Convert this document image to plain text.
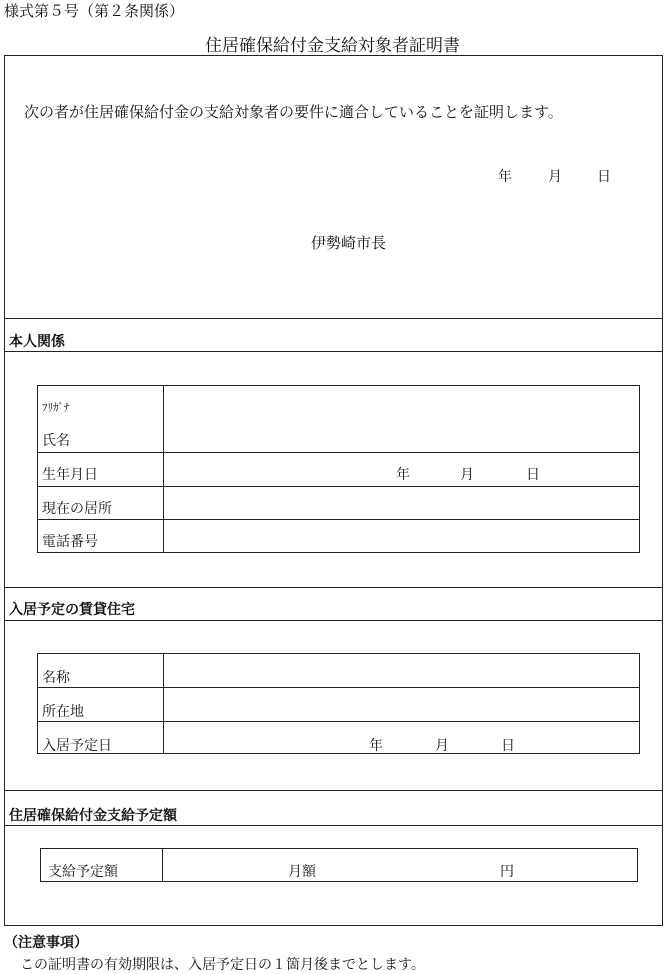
様式第５号（第２条関係）
住居確保給付金支給対象者証明書
次の者が住居確保給付金の支給対象者の要件に適合していることを証明します。
年	月	日
伊勢崎市長
本人関係
ﾌﾘｶﾞﾅ
氏名
生年月日	年	月	日
現在の居所
電話番号
入居予定の賃貸住宅
名称
所在地
入居予定日	年	月	日
住居確保給付金支給予定額
支給予定額	月額	円
（注意事項）
この証明書の有効期限は、入居予定日の１箇月後までとします。
